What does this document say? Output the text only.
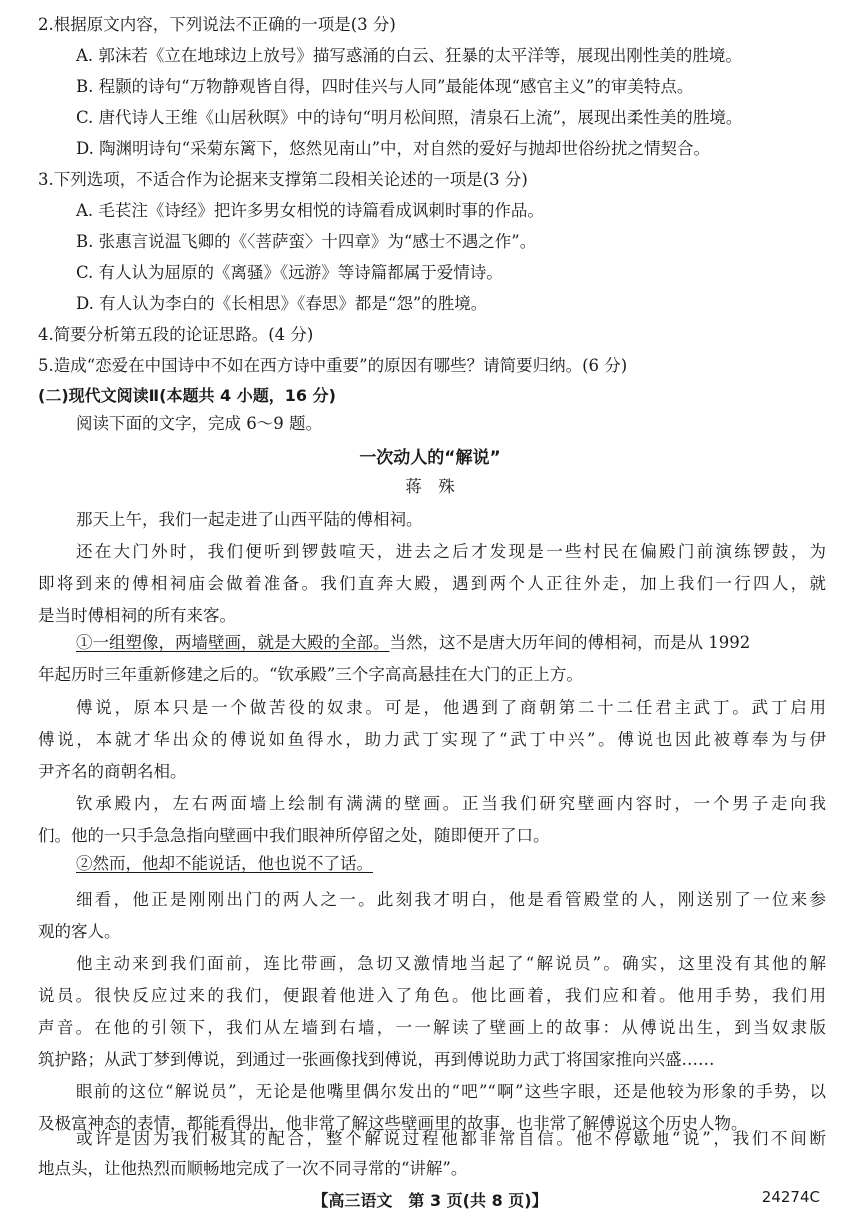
2.根据原文内容，下列说法不正确的一项是(3 分)
A. 郭沫若《立在地球边上放号》描写惑涌的白云、狂暴的太平洋等，展现出刚性美的胜境。
B. 程颢的诗句“万物静观皆自得，四时佳兴与人同”最能体现“感官主义”的审美特点。
C. 唐代诗人王维《山居秋暝》中的诗句“明月松间照，清泉石上流”，展现出柔性美的胜境。
D. 陶渊明诗句“采菊东篱下，悠然见南山”中，对自然的爱好与抛却世俗纷扰之情契合。
3.下列选项，不适合作为论据来支撑第二段相关论述的一项是(3 分)
A. 毛苌注《诗经》把许多男女相悦的诗篇看成讽刺时事的作品。
B. 张惠言说温飞卿的《〈菩萨蛮〉十四章》为“感士不遇之作”。
C. 有人认为屈原的《离骚》《远游》等诗篇都属于爱情诗。
D. 有人认为李白的《长相思》《春思》都是“怨”的胜境。
4.简要分析第五段的论证思路。(4 分)
5.造成“恋爱在中国诗中不如在西方诗中重要”的原因有哪些？请简要归纳。(6 分)
(二)现代文阅读Ⅱ(本题共 4 小题，16 分)
阅读下面的文字，完成 6～9 题。
一次动人的“解说”
蒋　殊
那天上午，我们一起走进了山西平陆的傅相祠。
还在大门外时，我们便听到锣鼓喧天，进去之后才发现是一些村民在偏殿门前演练锣鼓，为
即将到来的傅相祠庙会做着准备。我们直奔大殿，遇到两个人正往外走，加上我们一行四人，就
是当时傅相祠的所有来客。
①一组塑像，两墙壁画，就是大殿的全部。当然，这不是唐大历年间的傅相祠，而是从 1992
年起历时三年重新修建之后的。“钦承殿”三个字高高悬挂在大门的正上方。
傅说，原本只是一个做苦役的奴隶。可是，他遇到了商朝第二十二任君主武丁。武丁启用
傅说，本就才华出众的傅说如鱼得水，助力武丁实现了“武丁中兴”。傅说也因此被尊奉为与伊
尹齐名的商朝名相。
钦承殿内，左右两面墙上绘制有满满的壁画。正当我们研究壁画内容时，一个男子走向我
们。他的一只手急急指向壁画中我们眼神所停留之处，随即便开了口。
②然而，他却不能说话，他也说不了话。
细看，他正是刚刚出门的两人之一。此刻我才明白，他是看管殿堂的人，刚送别了一位来参
观的客人。
他主动来到我们面前，连比带画，急切又激情地当起了“解说员”。确实，这里没有其他的解
说员。很快反应过来的我们，便跟着他进入了角色。他比画着，我们应和着。他用手势，我们用
声音。在他的引领下，我们从左墙到右墙，一一解读了壁画上的故事：从傅说出生，到当奴隶版
筑护路；从武丁梦到傅说，到通过一张画像找到傅说，再到傅说助力武丁将国家推向兴盛……
眼前的这位“解说员”，无论是他嘴里偶尔发出的“吧”“啊”这些字眼，还是他较为形象的手势，以
及极富神态的表情，都能看得出，他非常了解这些壁画里的故事，也非常了解傅说这个历史人物。
或许是因为我们极其的配合，整个解说过程他都非常自信。他不停歇地“说”，我们不间断
【高三语文　第 3 页(共 8 页)】	24274C
地点头，让他热烈而顺畅地完成了一次不同寻常的“讲解”。
